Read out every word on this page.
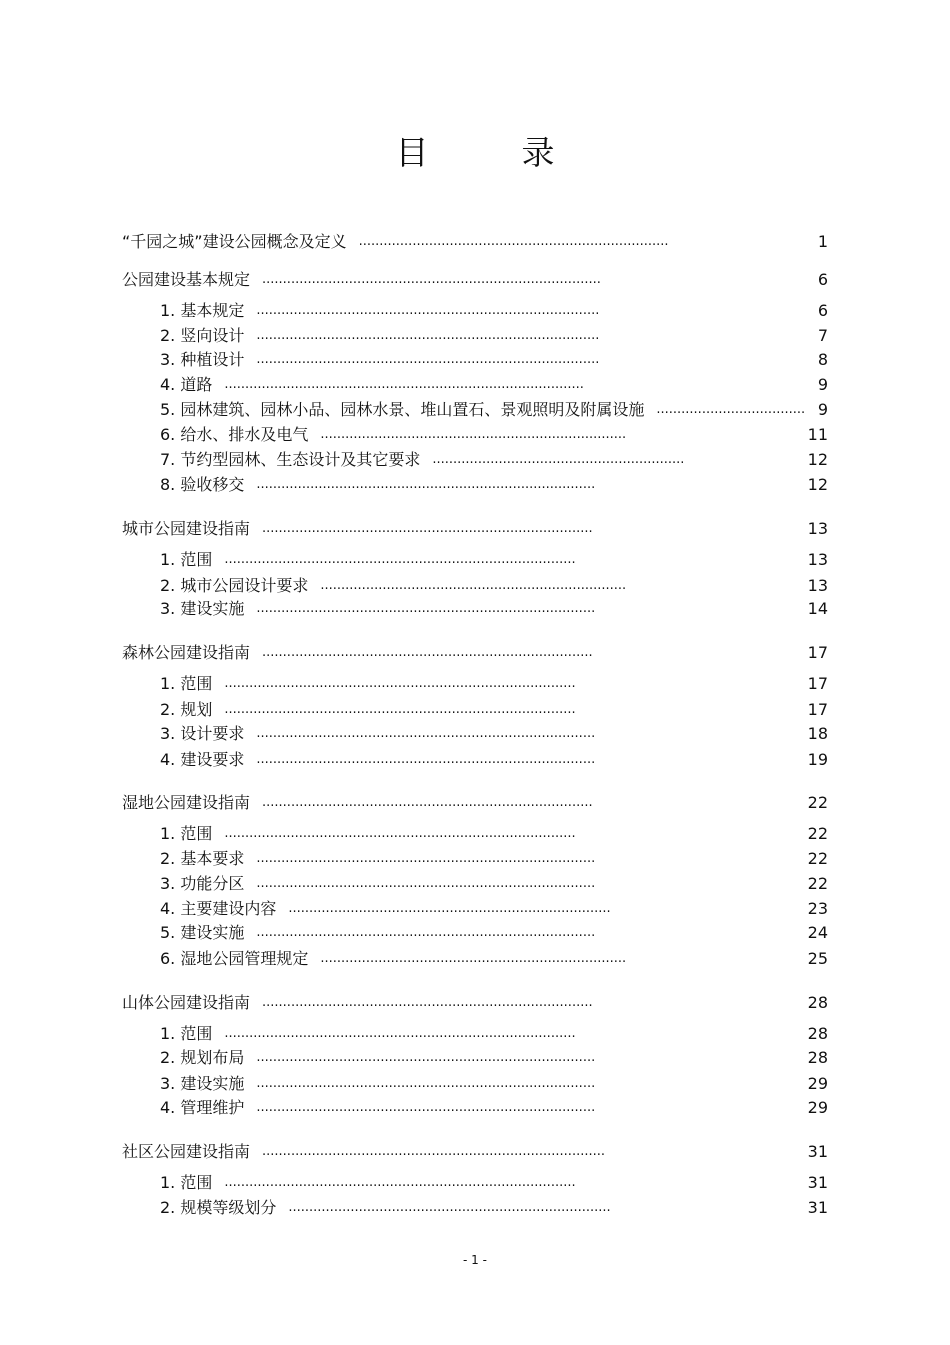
目　录
“千园之城”建设公园概念及定义	1
...........................................................................
公园建设基本规定	6
..................................................................................
1. 基本规定	6
...................................................................................
2. 竖向设计	7
...................................................................................
3. 种植设计	8
...................................................................................
4. 道路	9
.......................................................................................
5. 园林建筑、园林小品、园林水景、堆山置石、景观照明及附属设施	9
....................................
6. 给水、排水及电气	11
..........................................................................
7. 节约型园林、生态设计及其它要求	12
.............................................................
8. 验收移交	12
..................................................................................
城市公园建设指南	13
................................................................................
1. 范围	13
.....................................................................................
2. 城市公园设计要求	13
..........................................................................
3. 建设实施	14
..................................................................................
森林公园建设指南	17
................................................................................
1. 范围	17
.....................................................................................
2. 规划	17
.....................................................................................
3. 设计要求	18
..................................................................................
4. 建设要求	19
..................................................................................
湿地公园建设指南	22
................................................................................
1. 范围	22
.....................................................................................
2. 基本要求	22
..................................................................................
3. 功能分区	22
..................................................................................
4. 主要建设内容	23
..............................................................................
5. 建设实施	24
..................................................................................
6. 湿地公园管理规定	25
..........................................................................
山体公园建设指南	28
................................................................................
1. 范围	28
.....................................................................................
2. 规划布局	28
..................................................................................
3. 建设实施	29
..................................................................................
4. 管理维护	29
..................................................................................
社区公园建设指南	31
...................................................................................
1. 范围	31
.....................................................................................
2. 规模等级划分	31
..............................................................................
- 1 -
